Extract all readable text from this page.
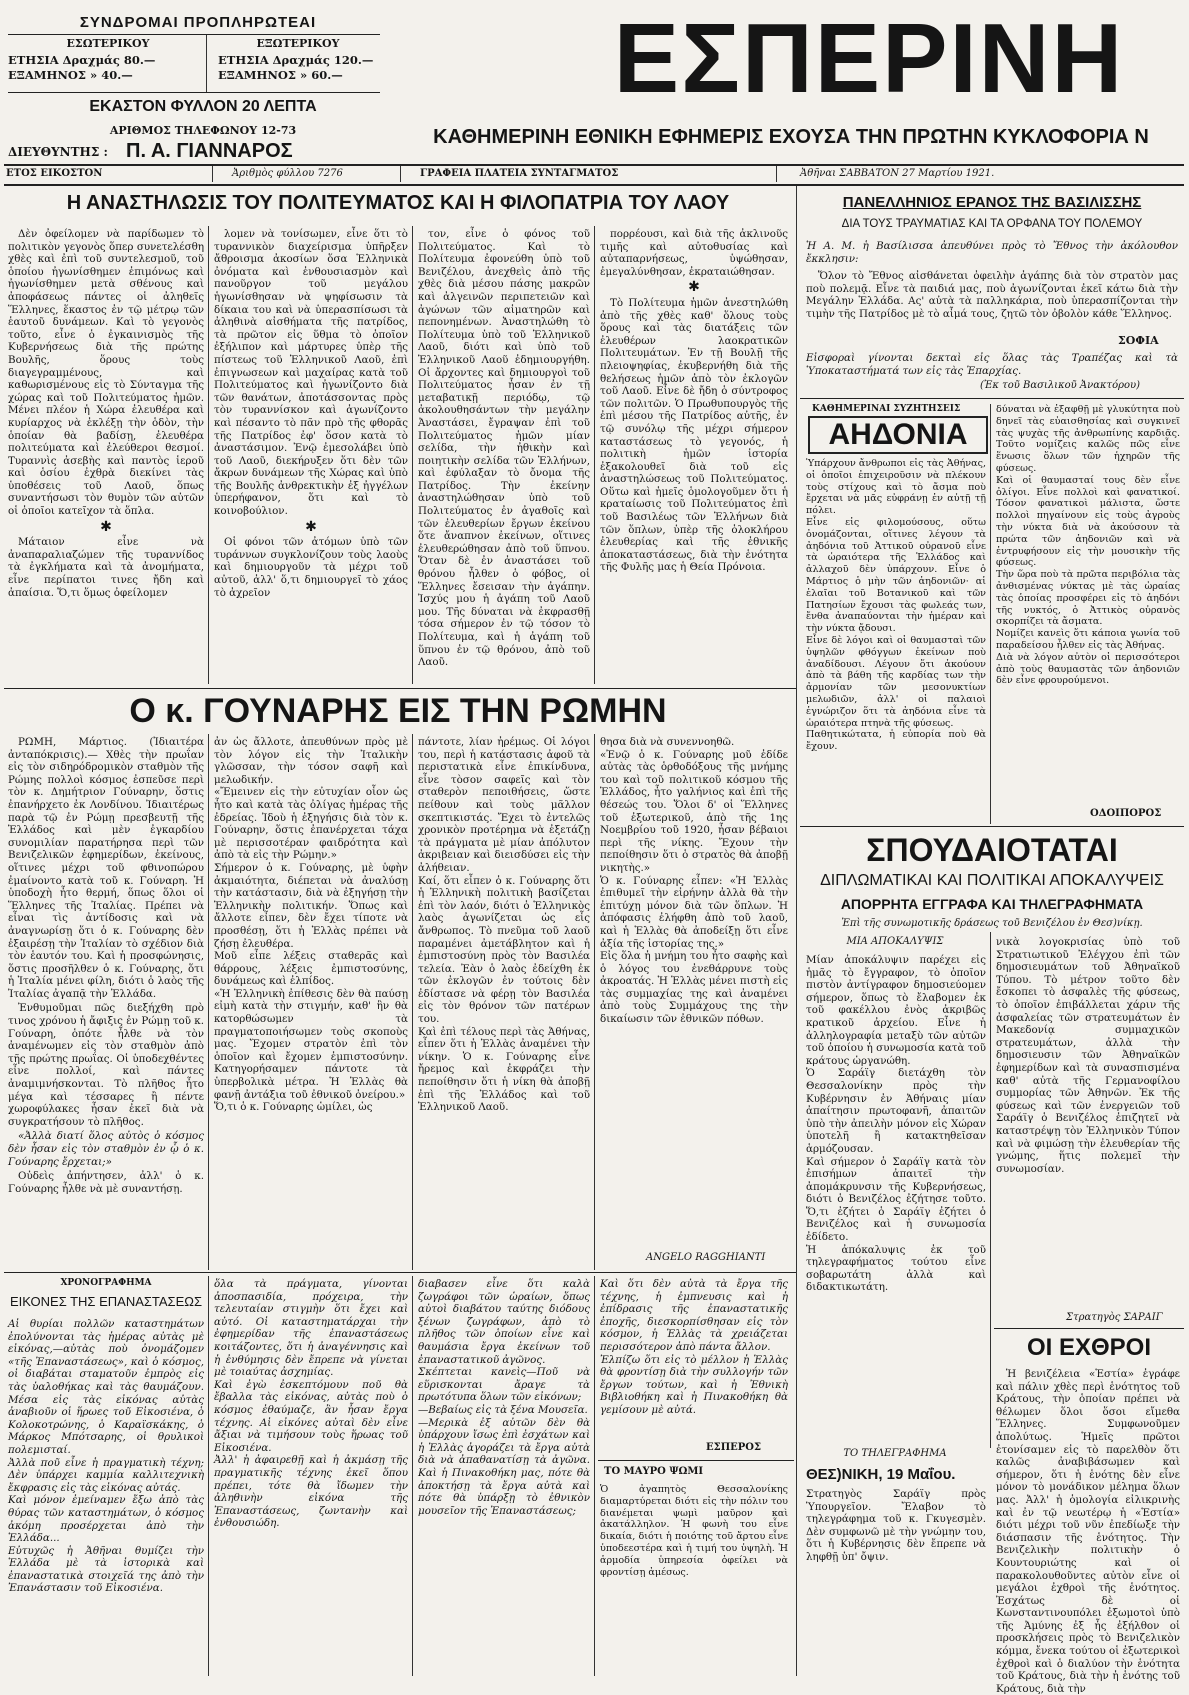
ΣΥΝΔΡΟΜΑΙ ΠΡΟΠΛΗΡΩΤΕΑΙ
ΕΣΩΤΕΡΙΚΟΥ
ΕΤΗΣΙΑ Δραχμάς 80.—
ΕΞΑΜΗΝΟΣ » 40.—
ΕΞΩΤΕΡΙΚΟΥ
ΕΤΗΣΙΑ Δραχμάς 120.—
ΕΞΑΜΗΝΟΣ » 60.—
ΕΚΑΣΤΟΝ ΦΥΛΛΟΝ 20 ΛΕΠΤΑ
ΑΡΙΘΜΟΣ ΤΗΛΕΦΩΝΟΥ 12-73
ΔΙΕΥΘΥΝΤΗΣ : Π. Α. ΓΙΑΝΝΑΡΟΣ
ΕΣΠΕΡΙΝΗ
ΚΑΘΗΜΕΡΙΝΗ ΕΘΝΙΚΗ ΕΦΗΜΕΡΙΣ ΕΧΟΥΣΑ ΤΗΝ ΠΡΩΤΗΝ ΚΥΚΛΟΦΟΡΙΑ Ν
ΕΤΟΣ ΕΙΚΟΣΤΟΝ	Ἀριθμὸς φύλλου 7276	ΓΡΑΦΕΙΑ ΠΛΑΤΕΙΑ ΣΥΝΤΑΓΜΑΤΟΣ	Ἀθῆναι ΣΑΒΒΑΤΟΝ 27 Μαρτίου 1921.
Η ΑΝΑΣΤΗΛΩΣΙΣ ΤΟΥ ΠΟΛΙΤΕΥΜΑΤΟΣ ΚΑΙ Η ΦΙΛΟΠΑΤΡΙΑ ΤΟΥ ΛΑΟΥ

Δὲν ὀφείλομεν νὰ παρίδωμεν τὸ πολιτικὸν γεγονὸς ὅπερ συνετελέσθη χθὲς καὶ ἐπὶ τοῦ συντελεσμοῦ, τοῦ ὁποίου ἠγωνίσθημεν ἐπιμόνως καὶ ἠγωνίσθημεν μετὰ σθένους καὶ ἀποφάσεως πάντες οἱ ἀληθεῖς Ἕλληνες, ἕκαστος ἐν τῷ μέτρῳ τῶν ἑαυτοῦ δυνάμεων. Καὶ τὸ γεγονὸς τοῦτο, εἶνε ὁ ἐγκαινισμὸς τῆς Κυβερνήσεως διὰ τῆς πρώτης Βουλῆς, ὅρους τοὺς διαγεγραμμένους, καὶ καθωρισμένους εἰς τὸ Σύνταγμα τῆς χώρας καὶ τοῦ Πολιτεύματος ἡμῶν. Μένει πλέον ἡ Χώρα ἐλευθέρα καὶ κυρίαρχος νὰ ἐκλέξῃ τὴν ὁδὸν, τὴν ὁποίαν θὰ βαδίσῃ, ἐλευθέρα πολιτεύματα καὶ ἐλεύθεροι θεσμοί. Τυραννὶς ἀσεβὴς καὶ παντὸς ἱεροῦ καὶ ὁσίου ἐχθρὰ διεκίνει τὰς ὑποθέσεις τοῦ Λαοῦ, ὅπως συναντήσωσι τὸν θυμὸν τῶν αὐτῶν οἱ ὁποῖοι κατεῖχον τὰ ὅπλα.

✱

Μάταιον εἶνε νὰ ἀναπαραλιαζώμεν τῆς τυραννίδος τὰ ἐγκλήματα καὶ τὰ ἀνομήματα, εἶνε περίπατοι τινες ἤδη καὶ ἀπαίσια. Ὅ,τι ὅμως ὀφείλομεν

λομεν νὰ τονίσωμεν, εἶνε ὅτι τὸ τυραννικὸν διαχείρισμα ὑπῆρξεν ἄθροισμα ἀκοσίων ὅσα Ἑλληνικὰ ὀνόματα καὶ ἐνθουσιασμὸν καὶ πανοῦργον τοῦ μεγάλου ἡγωνίσθησαν νὰ ψηφίσωσιν τὰ δίκαια του καὶ νὰ ὑπερασπίσωσι τὰ ἀληθινὰ αἰσθήματα τῆς πατρίδος, τὰ πρῶτον εἰς ὕθμα τὸ ὁποῖον ἐξήλιπον καὶ μάρτυρες ὑπὲρ τῆς πίστεως τοῦ Ἑλληνικοῦ Λαοῦ, ἐπὶ ἐπιγνωσεων καὶ μαχαίρας κατὰ τοῦ Πολιτεύματος καὶ ἠγωνίζοντο διὰ τῶν θανάτων, ἀποτάσσοντας πρὸς τὸν τυραννίσκον καὶ ἀγωνίζοντο καὶ πέσαντο τὸ πᾶν πρὸ τῆς φθορᾶς τῆς Πατρίδος ἐφ' ὅσον κατὰ τὸ ἀναστάσιμον. Ἐνῷ ἐμεσολάβει ὑπὸ τοῦ Λαοῦ, διεκήρυξεν ὅτι δὲν τῶν ἄκρων δυνάμεων τῆς Χώρας καὶ ὑπὸ τῆς Βουλῆς ἀνθρεκτικὴν ἐξ ἠγγέλων ὑπερήφανον, ὅτι καὶ τὸ κοινοβούλιον.

✱

Οἱ φόνοι τῶν ἀτόμων ὑπὸ τῶν τυράννων συγκλονίζουν τοὺς λαοὺς καὶ δημιουργοῦν τὰ μέχρι τοῦ αὐτοῦ, ἀλλ' ὅ,τι δημιουργεῖ τὸ χάος τὸ ἀχρεῖον

τον, εἶνε ὁ φόνος τοῦ Πολιτεύματος. Καὶ τὸ Πολίτευμα ἐφονεύθη ὑπὸ τοῦ Βενιζέλου, ἀνεχθεὶς ἀπὸ τῆς χθὲς διὰ μέσου πάσης μακρῶν καὶ ἀλγεινῶν περιπετειῶν καὶ ἀγώνων τῶν αἱματηρῶν καὶ πεπονημένων. Ἀναστηλώθη τὸ Πολίτευμα ὑπὸ τοῦ Ἑλληνικοῦ Λαοῦ, διότι καὶ ὑπὸ τοῦ Ἑλληνικοῦ Λαοῦ ἐδημιουργήθη. Οἱ ἄρχοντες καὶ δημιουργοὶ τοῦ Πολιτεύματος ἦσαν ἐν τῇ μεταβατικῇ περιόδῳ, τῷ ἀκολουθησάντων τὴν μεγάλην Ἀναστάσει, ἔγραψαν ἐπὶ τοῦ Πολιτεύματος ἡμῶν μίαν σελίδα, τὴν ἠθικὴν καὶ ποιητικὴν σελίδα τῶν Ἑλλήνων, καὶ ἐφύλαξαν τὸ ὄνομα τῆς Πατρίδος. Τὴν ἐκείνην ἀναστηλώθησαν ὑπὸ τοῦ Πολιτεύματος ἐν ἀγαθοῖς καὶ τῶν ἐλευθερίων ἔργων ἐκείνου ὅτε ἄναπνον ἐκείνων, οἵτινες ἐλευθερώθησαν ἀπὸ τοῦ ὕπνου. Ὅταν δὲ ἐν ἀναστάσει τοῦ θρόνου ἦλθεν ὁ φόβος, οἱ Ἕλληνες ἔσεισαν τὴν ἀγάπην. Ἰσχύς μου ἡ ἀγάπη τοῦ Λαοῦ μου. Τῆς δύναται νὰ ἐκφρασθῇ τόσα σήμερον ἐν τῷ τόσον τὸ Πολίτευμα, καὶ ἡ ἀγάπη τοῦ ὕπνου ἐν τῷ θρόνου, ἀπὸ τοῦ Λαοῦ.

πορρέουσι, καὶ διὰ τῆς ἀκλινοῦς τιμῆς καὶ αὐτοθυσίας καὶ αὐταπαρνήσεως, ὑψώθησαν, ἐμεγαλύνθησαν, ἐκραταιώθησαν.

✱

Τὸ Πολίτευμα ἡμῶν ἀνεστηλώθη ἀπὸ τῆς χθὲς καθ' ὅλους τοὺς ὅρους καὶ τὰς διατάξεις τῶν ἐλευθέρων λαοκρατικῶν Πολιτευμάτων. Ἐν τῇ Βουλῇ τῆς πλειοψηφίας, ἐκυβερνήθη διὰ τῆς θελήσεως ἡμῶν ἀπὸ τὸν ἐκλογῶν τοῦ Λαοῦ. Εἶνε δὲ ἤδη ὁ σύντροφος τῶν πολιτῶν. Ὁ Πρωθυπουργὸς τῆς ἐπὶ μέσου τῆς Πατρίδος αὐτῆς, ἐν τῷ συνόλῳ τῆς μέχρι σήμερον καταστάσεως τὸ γεγονός, ἡ πολιτικὴ ἡμῶν ἱστορία ἐξακολουθεῖ διὰ τοῦ εἰς ἀναστηλώσεως τοῦ Πολιτεύματος. Οὕτω καὶ ἡμεῖς ὁμολογοῦμεν ὅτι ἡ κραταίωσις τοῦ Πολιτεύματος ἐπὶ τοῦ Βασιλέως τῶν Ἑλλήνων διὰ τῶν ὅπλων, ὑπὲρ τῆς ὁλοκλήρου ἐλευθερίας καὶ τῆς ἐθνικῆς ἀποκαταστάσεως, διὰ τὴν ἑνότητα τῆς Φυλῆς μας ἡ Θεία Πρόνοια.

ΠΑΝΕΛΛΗΝΙΟΣ ΕΡΑΝΟΣ ΤΗΣ ΒΑΣΙΛΙΣΣΗΣ
ΔΙΑ ΤΟΥΣ ΤΡΑΥΜΑΤΙΑΣ ΚΑΙ ΤΑ ΟΡΦΑΝΑ ΤΟΥ ΠΟΛΕΜΟΥ
Ἡ Α. Μ. ἡ Βασίλισσα ἀπευθύνει πρὸς τὸ Ἔθνος τὴν ἀκόλουθον ἔκκλησιν:
Ὅλον τὸ Ἔθνος αἰσθάνεται ὀφειλὴν ἀγάπης διὰ τὸν στρατὸν μας ποὺ πολεμᾷ. Εἶνε τὰ παιδιά μας, ποὺ ἀγωνίζονται ἐκεῖ κάτω διὰ τὴν Μεγάλην Ἑλλάδα. Ας' αὐτὰ τὰ παλληκάρια, ποὺ ὑπερασπίζονται τὴν τιμὴν τῆς Πατρίδος μὲ τὸ αἷμά τους, ζητῶ τὸν ὀβολὸν κάθε Ἕλληνος.
ΣΟΦΙΑ
Εἰσφοραὶ γίνονται δεκταὶ εἰς ὅλας τὰς Τραπέζας καὶ τὰ Ὑποκαταστήματά των εἰς τὰς Ἐπαρχίας.
(Ἐκ τοῦ Βασιλικοῦ Ἀνακτόρου)
ΚΑΘΗΜΕΡΙΝΑΙ ΣΥΖΗΤΗΣΕΙΣ
ΑΗΔΟΝΙΑ
Ὑπάρχουν ἄνθρωποι εἰς τὰς Ἀθήνας, οἱ ὁποῖοι ἐπιχειροῦσιν νὰ πλέκουν τοὺς στίχους καὶ τὸ ἄσμα ποὺ ἔρχεται νὰ μᾶς εὐφράνῃ ἐν αὐτῇ τῇ πόλει.
Εἶνε εἰς φιλομούσους, οὕτω ὀνομάζονται, οἵτινες λέγουν τὰ ἀηδόνια τοῦ Ἀττικοῦ οὐρανοῦ εἶνε τὰ ὡραιότερα τῆς Ἑλλάδος καὶ ἀλλαχοῦ δὲν ὑπάρχουν. Εἶνε ὁ Μάρτιος ὁ μὴν τῶν ἀηδονιῶν· αἱ ἐλαῖαι τοῦ Βοτανικοῦ καὶ τῶν Πατησίων ἔχουσι τὰς φωλεάς των, ἔνθα ἀναπαύονται τὴν ἡμέραν καὶ τὴν νύκτα ᾄδουσι.
Εἶνε δὲ λόγοι καὶ οἱ θαυμασταὶ τῶν ὑψηλῶν φθόγγων ἐκείνων ποὺ ἀναδίδουσι. Λέγουν ὅτι ἀκούουν ἀπὸ τὰ βάθη τῆς καρδίας των τὴν ἀρμονίαν τῶν μεσονυκτίων μελωδιῶν, ἀλλ' οἱ παλαιοὶ ἐγνώριζον ὅτι τὰ ἀηδόνια εἶνε τὰ ὡραιότερα πτηνὰ τῆς φύσεως.
Παθητικώτατα, ἡ εὐπορία ποὺ θὰ ἔχουν.
δύναται νὰ ἐξαφθῇ μὲ γλυκύτητα ποὺ δηνεῖ τὰς εὐαισθησίας καὶ συγκινεῖ τὰς ψυχὰς τῆς ἀνθρωπίνης καρδιᾶς. Τοῦτο νομίζεις καλῶς πῶς εἶνε ἕνωσις ὅλων τῶν ἡχηρῶν τῆς φύσεως.
Καὶ οἱ θαυμασταί τους δὲν εἶνε ὀλίγοι. Εἶνε πολλοὶ καὶ φανατικοί. Τόσον φανατικοὶ μάλιστα, ὥστε πολλοὶ πηγαίνουν εἰς τοὺς ἀγροὺς τὴν νύκτα διὰ νὰ ἀκούσουν τὰ πρώτα τῶν ἀηδονιῶν καὶ νὰ ἐντρυφήσουν εἰς τὴν μουσικὴν τῆς φύσεως.
Τὴν ὥρα ποὺ τὰ πρῶτα περιβόλια τὰς ἀνθισμένας νύκτας μὲ τὰς ὡραίας τὰς ὁποίας προσφέρει εἰς τὸ ἀηδόνι τῆς νυκτός, ὁ Ἀττικὸς οὐρανὸς σκορπίζει τὰ ἄσματα.
Νομίζει κανεὶς ὅτι κάποια γωνία τοῦ παραδείσου ἦλθεν εἰς τὰς Ἀθήνας.
Διὰ νὰ λόγον αὐτὸν οἱ περισσότεροι ἀπὸ τοὺς θαυμαστὰς τῶν ἀηδονιῶν δὲν εἶνε φρουρούμενοι.
ΟΔΟΙΠΟΡΟΣ
ΣΠΟΥΔΑΙΟΤΑΤΑΙ
ΔΙΠΛΩΜΑΤΙΚΑΙ ΚΑΙ ΠΟΛΙΤΙΚΑΙ ΑΠΟΚΑΛΥΨΕΙΣ
ΑΠΟΡΡΗΤΑ ΕΓΓΡΑΦΑ ΚΑΙ ΤΗΛΕΓΡΑΦΗΜΑΤΑ
Ἐπὶ τῆς συνωμοτικῆς δράσεως τοῦ Βενιζέλου ἐν Θεσ)νίκῃ.
ΜΙΑ ΑΠΟΚΑΛΥΨΙΣ
Μίαν ἀποκάλυψιν παρέχει εἰς ἡμᾶς τὸ ἔγγραφον, τὸ ὁποῖον πιστὸν ἀντίγραφον δημοσιεύομεν σήμερον, ὅπως τὸ ἔλαβομεν ἐκ τοῦ φακέλλου ἐνὸς ἀκριβῶς κρατικοῦ ἀρχείου. Εἶνε ἡ ἀλληλογραφία μεταξὺ τῶν αὐτῶν τοῦ ὁποίου ἡ συνωμοσία κατὰ τοῦ κράτους ὡργανώθη.
Ὁ Σαράϊγ διετάχθη τὸν Θεσσαλονίκην πρὸς τὴν Κυβέρνησιν ἐν Ἀθήναις μίαν ἀπαίτησιν πρωτοφανῆ, ἀπαιτῶν ὑπὸ τὴν ἀπειλὴν μόνον εἰς Χώραν ὑποτελῆ ἢ κατακτηθεῖσαν ἁρμόζουσαν.
Καὶ σήμερον ὁ Σαράϊγ κατὰ τὸν ἐπισήμων ἀπαιτεῖ τὴν ἀπομάκρυνσιν τῆς Κυβερνήσεως, διότι ὁ Βενιζέλος ἐζήτησε τοῦτο. Ὅ,τι ἐζήτει ὁ Σαράϊγ ἐζήτει ὁ Βενιζέλος καὶ ἡ συνωμοσία ἐδίδετο.
Ἡ ἀπόκαλυψις ἐκ τοῦ τηλεγραφήματος τούτου εἶνε σοβαρωτάτη ἀλλὰ καὶ διδακτικωτάτη.
νικὰ λογοκρισίας ὑπὸ τοῦ Στρατιωτικοῦ Ἐλέγχου ἐπὶ τῶν δημοσιευμάτων τοῦ Ἀθηναϊκοῦ Τύπου. Τὸ μέτρον τοῦτο δὲν ἔσκοπει τὸ ἀσφαλὲς τῆς φύσεως, τὸ ὁποῖον ἐπιβάλλεται χάριν τῆς ἀσφαλείας τῶν στρατευμάτων ἐν Μακεδονίᾳ συμμαχικῶν στρατευμάτων, ἀλλὰ τὴν δημοσιευσιν τῶν Ἀθηναϊκῶν ἐφημερίδων καὶ τὰ συνασπισμένα καθ' αὐτὰ τῆς Γερμανοφίλου συμμορίας τῶν Ἀθηνῶν. Ἐκ τῆς φύσεως καὶ τῶν ἐνεργειῶν τοῦ Σαράϊγ ὁ Βενιζέλος ἐπιζητεῖ νὰ καταστρέψῃ τὸν Ἑλληνικὸν Τύπον καὶ νὰ φιμώσῃ τὴν ἐλευθερίαν τῆς γνώμης, ἥτις πολεμεῖ τὴν συνωμοσίαν.
Στρατηγὸς ΣΑΡΑΙΓ
ΟΙ ΕΧΘΡΟΙ
Ἡ βενιζέλεια «Ἑστία» ἐγράφε καὶ πάλιν χθὲς περὶ ἑνότητος τοῦ Κράτους, τὴν ὁποίαν πρέπει νὰ θέλωμεν ὅλοι ὅσοι εἴμεθα Ἕλληνες. Συμφωνοῦμεν ἀπολύτως. Ἡμεῖς πρῶτοι ἐτονίσαμεν εἰς τὸ παρελθὸν ὅτι καλῶς ἀναβιβάσωμεν καὶ σήμερον, ὅτι ἡ ἑνότης δὲν εἶνε μόνον τὸ μονάδικον μέλημα ὅλων μας. Ἀλλ' ἡ ὁμολογία εἰλικρινὴς καὶ ἐν τῷ νεωτέρῳ ἡ «Ἑστία» διότι μέχρι τοῦ νῦν ἐπεδίωξε τὴν διάσπασιν τῆς ἑνότητος. Τὴν Βενιζελικὴν πολιτικὴν ὁ Κουντουριώτης καὶ οἱ παρακολουθοῦντες αὐτὸν εἶνε οἱ μεγάλοι ἐχθροὶ τῆς ἑνότητος. Ἐσχάτως δὲ οἱ Κωνσταντινουπόλει ἐξωμοτοὶ ὑπὸ τῆς Ἀμύνης ἐξ ἧς ἐξήλθον οἱ προσκλήσεις πρὸς τὸ Βενιζελικὸν κόμμα, ἔνεκα τούτου οἱ ἐξωτερικοὶ ἐχθροὶ καὶ ὁ διαλύον τὴν ἑνότητα τοῦ Κράτους, διὰ τὴν ἡ ἑνότης τοῦ Κράτους, διὰ τὴν
ΤΟ ΤΗΛΕΓΡΑΦΗΜΑ
ΘΕΣ)ΝΙΚΗ, 19 Μαΐου.
Στρατηγὸς Σαράϊγ πρὸς Ὑπουργεῖον. Ἔλαβον τὸ τηλεγράφημα τοῦ κ. Γκυγεσμὲν. Δὲν συμφωνῶ μὲ τὴν γνώμην του, ὅτι ἡ Κυβέρνησις δὲν ἔπρεπε νὰ ληφθῇ ὑπ' ὄψιν.
Ο κ. ΓΟΥΝΑΡΗΣ ΕΙΣ ΤΗΝ ΡΩΜΗΝ

ΡΩΜΗ, Μάρτιος. (Ἰδιαιτέρα ἀνταπόκρισις).— Χθὲς τὴν πρωΐαν εἰς τὸν σιδηρόδρομικὸν σταθμὸν τῆς Ρώμης πολλοὶ κόσμος ἐσπεῦσε περὶ τὸν κ. Δημήτριον Γούναρην, ὅστις ἐπανήρχετο ἐκ Λονδίνου. Ἰδιαιτέρως παρὰ τῷ ἐν Ρώμῃ πρεσβευτῇ τῆς Ἑλλάδος καὶ μὲν ἐγκαρδίου συνομιλίαν παρατήρησα περὶ τῶν Βενιζελικῶν ἐφημερίδων, ἐκείνους, οἵτινες μέχρι τοῦ φθινοπώρου ἐμαίνοντο κατὰ τοῦ κ. Γούναρη. Ἡ ὑποδοχὴ ἦτο θερμή, ὅπως ὅλοι οἱ Ἕλληνες τῆς Ἰταλίας. Πρέπει νὰ εἶναι τὶς ἀντίδοσις καὶ νὰ ἀναγνωρίσῃ ὅτι ὁ κ. Γούναρης δὲν ἐξαιρέσῃ τὴν Ἰταλίαν τὸ σχέδιον διὰ τὸν ἑαυτόν του. Καὶ ἡ προσφώνησις, ὅστις προσῆλθεν ὁ κ. Γούναρης, ὅτι ἡ Ἰταλία μένει φίλη, διότι ὁ λαὸς τῆς Ἰταλίας ἀγαπᾷ τὴν Ἑλλάδα.

Ἐνθυμοῦμαι πῶς διεξήχθη πρὸ τινος χρόνου ἡ ἄφιξις ἐν Ρώμῃ τοῦ κ. Γούναρη, ὁπότε ἦλθε νὰ τὸν ἀναμένωμεν εἰς τὸν σταθμὸν ἀπὸ τῆς πρώτης πρωΐας. Οἱ ὑποδεχθέντες εἶνε πολλοί, καὶ πάντες ἀναμιμνήσκονται. Τὸ πλῆθος ἦτο μέγα καὶ τέσσαρες ἢ πέντε χωροφύλακες ἦσαν ἐκεῖ διὰ νὰ συγκρατήσουν τὸ πλῆθος.

«Ἀλλὰ διατί ὅλος αὐτὸς ὁ κόσμος δὲν ἦσαν εἰς τὸν σταθμὸν ἐν ᾧ ὁ κ. Γούναρης ἔρχεται;»

Οὐδεὶς ἀπήντησεν, ἀλλ' ὁ κ. Γούναρης ἦλθε νὰ μὲ συναντήσῃ.

ἀν ὡς ἄλλοτε, ἀπευθύνων πρὸς μὲ τὸν λόγον εἰς τὴν Ἰταλικὴν γλῶσσαν, τὴν τόσον σαφῆ καὶ μελωδικήν.
«Ἔμεινεν εἰς τὴν εὐτυχίαν οἷον ὡς ἦτο καὶ κατὰ τὰς ὀλίγας ἡμέρας τῆς ἐδρείας. Ἰδοὺ ἡ ἐξηγήσις διὰ τὸν κ. Γούναρην, ὅστις ἐπανέρχεται τάχα μὲ περισσοτέραν φαιδρότητα καὶ ἀπὸ τὰ εἰς τὴν Ρώμην.»
Σήμερον ὁ κ. Γούναρης, μὲ ὑφὴν ἀκμαιότητα, διέπεται νὰ ἀναλύσῃ τὴν κατάστασιν, διὰ νὰ ἐξηγήσῃ τὴν Ἑλληνικὴν πολιτικήν. Ὅπως καὶ ἄλλοτε εἶπεν, δὲν ἔχει τίποτε νὰ προσθέσῃ, ὅτι ἡ Ἑλλὰς πρέπει νὰ ζήσῃ ἐλευθέρα.
Μοῦ εἶπε λέξεις σταθερᾶς καὶ θάρρους, λέξεις ἐμπιστοσύνης, δυνάμεως καὶ ἐλπίδος.
«Ἡ Ἑλληνικὴ ἐπίθεσις δὲν θὰ παύσῃ εἰμὴ κατὰ τὴν στιγμήν, καθ' ἣν θὰ κατορθώσωμεν τὰ πραγματοποιήσωμεν τοὺς σκοποὺς μας. Ἔχομεν στρατὸν ἐπὶ τὸν ὁποῖον καὶ ἔχομεν ἐμπιστοσύνην. Κατηγορήσαμεν πάντοτε τὰ ὑπερβολικὰ μέτρα. Ἡ Ἑλλὰς θὰ φανῇ ἀντάξια τοῦ ἐθνικοῦ ὀνείρου.»
Ὅ,τι ὁ κ. Γούναρης ὡμίλει, ὡς
πάντοτε, λίαν ἠρέμως. Οἱ λόγοι του, περὶ ἡ κατάστασις ἀφοῦ τὰ περιστατικὰ εἶνε ἐπικίνδυνα, εἶνε τὸσον σαφεῖς καὶ τὸν σταθερὸν πεποιθήσεις, ὥστε πείθουν καὶ τοὺς μᾶλλον σκεπτικιστάς. Ἔχει τὸ ἐντελῶς χρονικὸν προτέρημα νὰ ἐξετάζῃ τὰ πράγματα μὲ μίαν ἀπόλυτον ἀκριβειαν καὶ διεισδύσει εἰς τὴν ἀλήθειαν.
Καί, ὅτι εἶπεν ὁ κ. Γούναρης ὅτι ἡ Ἑλληνικὴ πολιτικὴ βασίζεται ἐπὶ τὸν λαόν, διότι ὁ Ἑλληνικὸς λαὸς ἀγωνίζεται ὡς εἷς ἄνθρωπος. Τὸ πνεῦμα τοῦ λαοῦ παραμένει ἀμετάβλητον καὶ ἡ ἐμπιστοσύνη πρὸς τὸν Βασιλέα τελεία. Ἐὰν ὁ λαὸς ἐδείχθη ἐκ τῶν ἐκλογῶν ἐν τούτοις δὲν ἐδίστασε νὰ φέρῃ τὸν Βασιλέα εἰς τὸν θρόνον τῶν πατέρων του.
Καὶ ἐπὶ τέλους περὶ τὰς Ἀθήνας, εἶπεν ὅτι ἡ Ἑλλὰς ἀναμένει τὴν νίκην. Ὁ κ. Γούναρης εἶνε ἤρεμος καὶ ἐκφράζει τὴν πεποίθησιν ὅτι ἡ νίκη θὰ ἀποβῇ ἐπὶ τῆς Ἑλλάδος καὶ τοῦ Ἑλληνικοῦ Λαοῦ.
θησα διὰ νὰ συνεννοηθῶ.
«Ἐνῷ ὁ κ. Γούναρης μοῦ ἐδίδε αὐτὰς τὰς ὁρθοδόξους τῆς μνήμης του καὶ τοῦ πολιτικοῦ κόσμου τῆς Ἑλλάδος, ἦτο γαλήνιος καὶ ἐπὶ τῆς θέσεώς του. Ὅλοι δ' οἱ Ἕλληνες τοῦ ἐξωτερικοῦ, ἀπὸ τῆς 1ης Νοεμβρίου τοῦ 1920, ἦσαν βέβαιοι περὶ τῆς νίκης. Ἔχουν τὴν πεποίθησιν ὅτι ὁ στρατὸς θὰ ἀποβῇ νικητὴς.»
Ὁ κ. Γούναρης εἶπεν: «Ἠ Ἑλλὰς ἐπιθυμεῖ τὴν εἰρήνην ἀλλὰ θὰ τὴν ἐπιτύχῃ μόνον διὰ τῶν ὅπλων. Ἡ ἀπόφασις ἐλήφθη ἀπὸ τοῦ λαοῦ, καὶ ἡ Ἑλλὰς θὰ ἀποδείξῃ ὅτι εἶνε ἀξία τῆς ἱστορίας της.»
Εἰς ὅλα ἡ μνήμη του ἦτο σαφὴς καὶ ὁ λόγος του ἐνεθάρρυνε τοὺς ἀκροατάς. Ἡ Ἑλλὰς μένει πιστὴ εἰς τὰς συμμαχίας της καὶ ἀναμένει ἀπὸ τοὺς Συμμάχους της τὴν δικαίωσιν τῶν ἐθνικῶν πόθων.
ANGELO RAGGHIANTI
ΧΡΟΝΟΓΡΑΦΗΜΑ
ΕΙΚΟΝΕΣ ΤΗΣ ΕΠΑΝΑΣΤΑΣΕΩΣ
Αἱ θυρίαι πολλῶν καταστημάτων ἐπολύνονται τὰς ἡμέρας αὐτὰς μὲ εἰκόνας,—αὐτὰς ποὺ ὀνομάζομεν «τῆς Ἐπαναστάσεως», καὶ ὁ κόσμος, οἱ διαβάται σταματοῦν ἐμπρὸς εἰς τὰς ὑαλοθήκας καὶ τὰς θαυμάζουν. Μέσα εἰς τὰς εἰκόνας αὐτὰς ἀναβιοῦν οἱ ἥρωες τοῦ Εἰκοσιένα, ὁ Κολοκοτρώνης, ὁ Καραϊσκάκης, ὁ Μάρκος Μπότσαρης, οἱ θρυλικοὶ πολεμισταί.
Ἀλλὰ ποῦ εἶνε ἡ πραγματικὴ τέχνη; Δὲν ὑπάρχει καμμία καλλιτεχνικὴ ἔκφρασις εἰς τὰς εἰκόνας αὐτάς.
Καὶ μόνον ἐμείναμεν ἔξω ἀπὸ τὰς θύρας τῶν καταστημάτων, ὁ κόσμος ἀκόμη προσέρχεται ἀπὸ τὴν Ἑλλάδα...
Εὐτυχῶς ἡ Ἀθῆναι θυμίζει τὴν Ἑλλάδα μὲ τὰ ἱστορικὰ καὶ ἐπαναστατικὰ στοιχεῖά της ἀπὸ τὴν Ἐπανάστασιν τοῦ Εἰκοσιένα.
ὅλα τὰ πράγματα, γίνονται ἀποσπασιδία, πρόχειρα, τὴν τελευταίαν στιγμὴν ὅτι ἔχει καὶ αὐτό. Οἱ καταστηματάρχαι τὴν ἐφημερίδαν τῆς ἐπαναστάσεως κοιτάζοντες, ὅτι ἡ ἀναγέννησις καὶ ἡ ἐνθύμησις δὲν ἔπρεπε νὰ γίνεται μὲ τοιαύτας ἀσχημίας.
Καὶ ἐγὼ ἐσκεπτόμουν ποῦ θὰ ἔβαλλα τὰς εἰκόνας, αὐτὰς ποὺ ὁ κόσμος ἐθαύμαζε, ἂν ἦσαν ἔργα τέχνης. Αἱ εἰκόνες αὐταὶ δὲν εἶνε ἄξιαι νὰ τιμήσουν τοὺς ἥρωας τοῦ Εἰκοσιένα.
Ἀλλ' ἡ ἀφαιρεθῇ καὶ ἡ ἀκμάσῃ τῆς πραγματικῆς τέχνης ἐκεῖ ὅπου πρέπει, τότε θὰ ἴδωμεν τὴν ἀληθινὴν εἰκόνα τῆς Ἐπαναστάσεως, ζωντανὴν καὶ ἐνθουσιώδη.
διαβασεν εἶνε ὅτι καλὰ ζωγράφοι τῶν ὡραίων, ὅπως αὐτοὶ διαβάτου ταύτης διόδους ξένων ζωγράφων, ἀπὸ τὸ πλῆθος τῶν ὁποίων εἶνε καὶ θαυμάσια ἔργα ἐκείνων τοῦ ἐπαναστατικοῦ ἀγῶνος.
Σκέπτεται κανεὶς—Ποῦ νὰ εὕρισκονται ἄραγε τὰ πρωτότυπα ὅλων τῶν εἰκόνων;
—Βεβαίως εἰς τὰ ξένα Μουσεῖα.
—Μερικὰ ἐξ αὐτῶν δὲν θὰ ὑπάρχουν ἴσως ἐπὶ ἐσχάτων καὶ ἡ Ἑλλὰς ἀγοράζει τὰ ἔργα αὐτὰ διὰ νὰ ἀπαθανατίσῃ τὰ ἀγῶνα. Καὶ ἡ Πινακοθήκη μας, πότε θὰ ἀποκτήσῃ τὰ ἔργα αὐτὰ καὶ πότε θὰ ὑπάρξῃ τὸ ἐθνικὸν μουσεῖον τῆς Ἐπαναστάσεως;
Καὶ ὅτι δὲν αὐτὰ τὰ ἔργα τῆς τέχνης, ἡ ἐμπνευσις καὶ ἡ ἐπίδρασις τῆς ἐπαναστατικῆς ἐποχῆς, διεσκορπίσθησαν εἰς τὸν κόσμον, ἡ Ἑλλὰς τὰ χρειάζεται περισσότερον ἀπὸ πάντα ἄλλον.
Ἐλπίζω ὅτι εἰς τὸ μέλλον ἡ Ἑλλὰς θὰ φροντίσῃ διὰ τὴν συλλογήν τῶν ἔργων τούτων, καὶ ἡ Ἐθνικὴ Βιβλιοθήκη καὶ ἡ Πινακοθήκη θὰ γεμίσουν μὲ αὐτά.
ΕΣΠΕΡΟΣ
ΤΟ ΜΑΥΡΟ ΨΩΜΙ
Ὁ ἀγαπητὸς Θεσσαλονίκης διαμαρτύρεται διότι εἰς τὴν πόλιν του διανέμεται ψωμὶ μαῦρον καὶ ἀκατάλληλον. Ἡ φωνὴ του εἶνε δικαία, διότι ἡ ποιότης τοῦ ἄρτου εἶνε ὑποδεεστέρα καὶ ἡ τιμή του ὑψηλὴ. Ἡ ἁρμοδία ὑπηρεσία ὀφείλει νὰ φροντίσῃ ἀμέσως.
